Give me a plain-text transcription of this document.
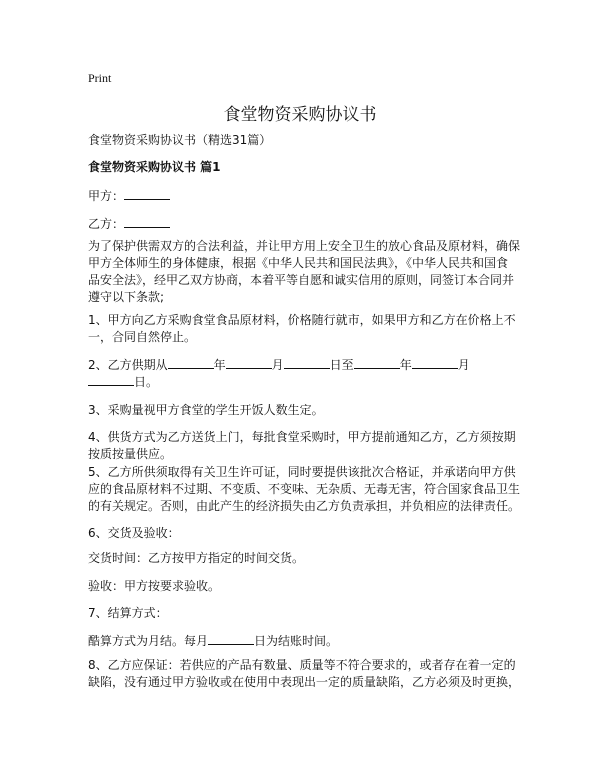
Print
食堂物资采购协议书
食堂物资采购协议书（精选31篇）
食堂物资采购协议书 篇1
甲方：
乙方：
为了保护供需双方的合法利益，并让甲方用上安全卫生的放心食品及原材料，确保
甲方全体师生的身体健康，根据《中华人民共和国民法典》，《中华人民共和国食
品安全法》，经甲乙双方协商，本着平等自愿和诚实信用的原则，同签订本合同并
遵守以下条款;
1、甲方向乙方采购食堂食品原材料，价格随行就市，如果甲方和乙方在价格上不
一，合同自然停止。
2、乙方供期从	年	月	日至	年	月
日。
3、采购量视甲方食堂的学生开饭人数生定。
4、供货方式为乙方送货上门，每批食堂采购时，甲方提前通知乙方，乙方须按期
按质按量供应。
5、乙方所供须取得有关卫生许可证，同时要提供该批次合格证，并承诺向甲方供
应的食品原材料不过期、不变质、不变味、无杂质、无毒无害，符合国家食品卫生
的有关规定。否则，由此产生的经济损失由乙方负责承担，并负相应的法律责任。
6、交货及验收：
交货时间：乙方按甲方指定的时间交货。
验收：甲方按要求验收。
7、结算方式：
酷算方式为月结。每月	日为结账时间。
8、乙方应保证：若供应的产品有数量、质量等不符合要求的，或者存在着一定的
缺陷，没有通过甲方验收或在使用中表现出一定的质量缺陷，乙方必须及时更换，
